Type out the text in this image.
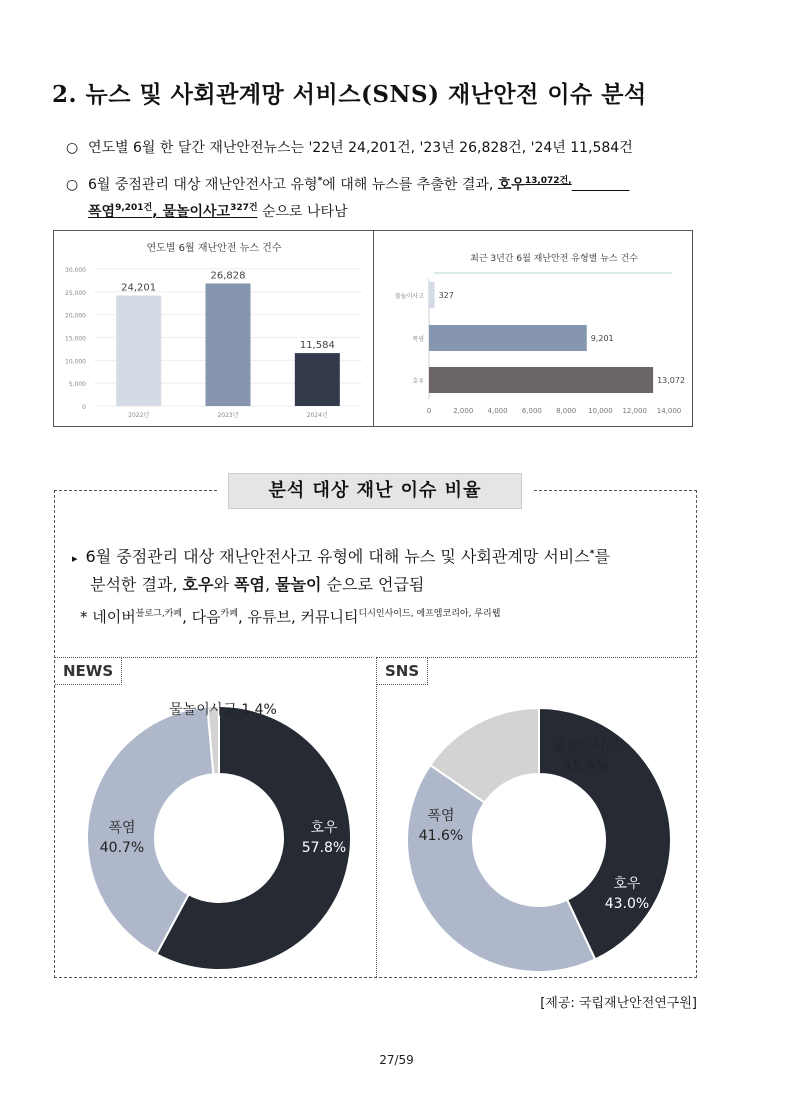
2. 뉴스 및 사회관계망 서비스(SNS) 재난안전 이슈 분석
○ 연도별 6월 한 달간 재난안전뉴스는 '22년 24,201건, '23년 26,828건, '24년 11,584건
○ 6월 중점관리 대상 재난안전사고 유형*에 대해 뉴스를 추출한 결과, 호우$^{13,072건,}$
폭염$^{9,201건}$, 물놀이사고$^{327건}$ 순으로 나타남
연도별 6월 재난안전 뉴스 건수
0
5,000
10,000
15,000
20,000
25,000
30,000
24,201
2022년
26,828
2023년
11,584
2024년
최근 3년간 6월 재난안전 유형별 뉴스 건수
물놀이사고 327
폭염	9,201
호우	13,072
0	2,000 4,000 6,000 8,000 10,000 12,000 14,000
분석 대상 재난 이슈 비율
▸ 6월 중점관리 대상 재난안전사고 유형에 대해 뉴스 및 사회관계망 서비스*를
분석한 결과, 호우와 폭염, 물놀이 순으로 언급됨
* 네이버$^{블로그,카페}$, 다음$^{카페}$, 유튜브, 커뮤니티$^{디시인사이드, 에프엠코리아, 루리웹}$
호우
57.8%
폭염
40.7%
물놀이사고 1.4%
NEWS
호우
43.0%
폭염
41.6%
물놀이사고
15.4%
SNS
[제공: 국립재난안전연구원]
27/59
